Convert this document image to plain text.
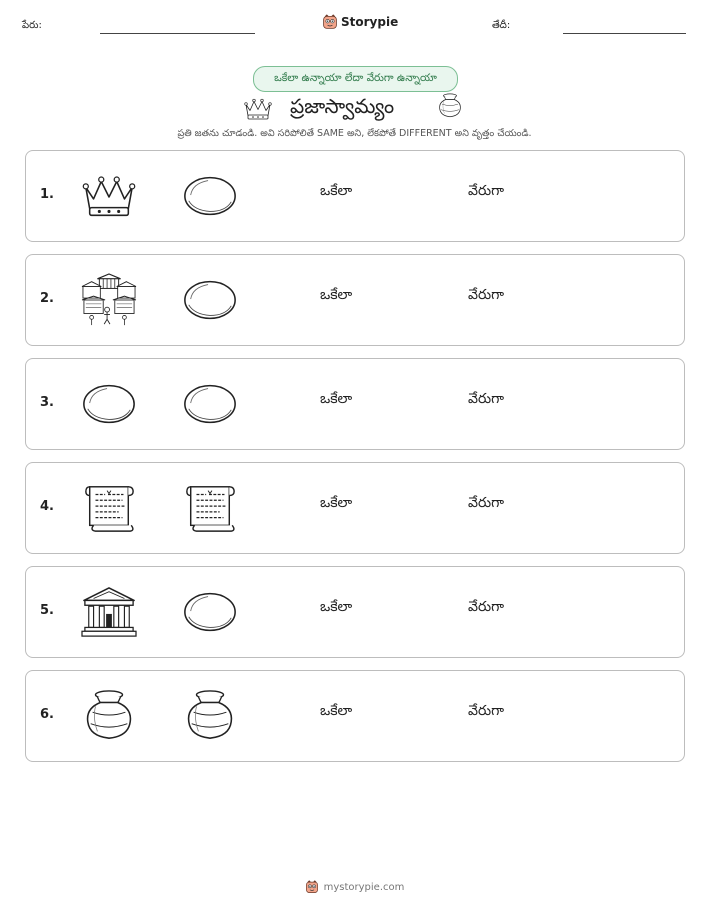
పేరు:	Storypie	తేదీ:
ఒకేలా ఉన్నాయా లేదా వేరుగా ఉన్నాయా
ప్రజాస్వామ్యం
ప్రతి జతను చూడండి. అవి సరిపోలితే SAME అని, లేకపోతే DIFFERENT అని వృత్తం చేయండి.
1.	ఒకేలా	వేరుగా
2.	ఒకేలా	వేరుగా
3.	ఒకేలా	వేరుగా
4.	ఒకేలా	వేరుగా
5.	ఒకేలా	వేరుగా
6.	ఒకేలా	వేరుగా
mystorypie.com
